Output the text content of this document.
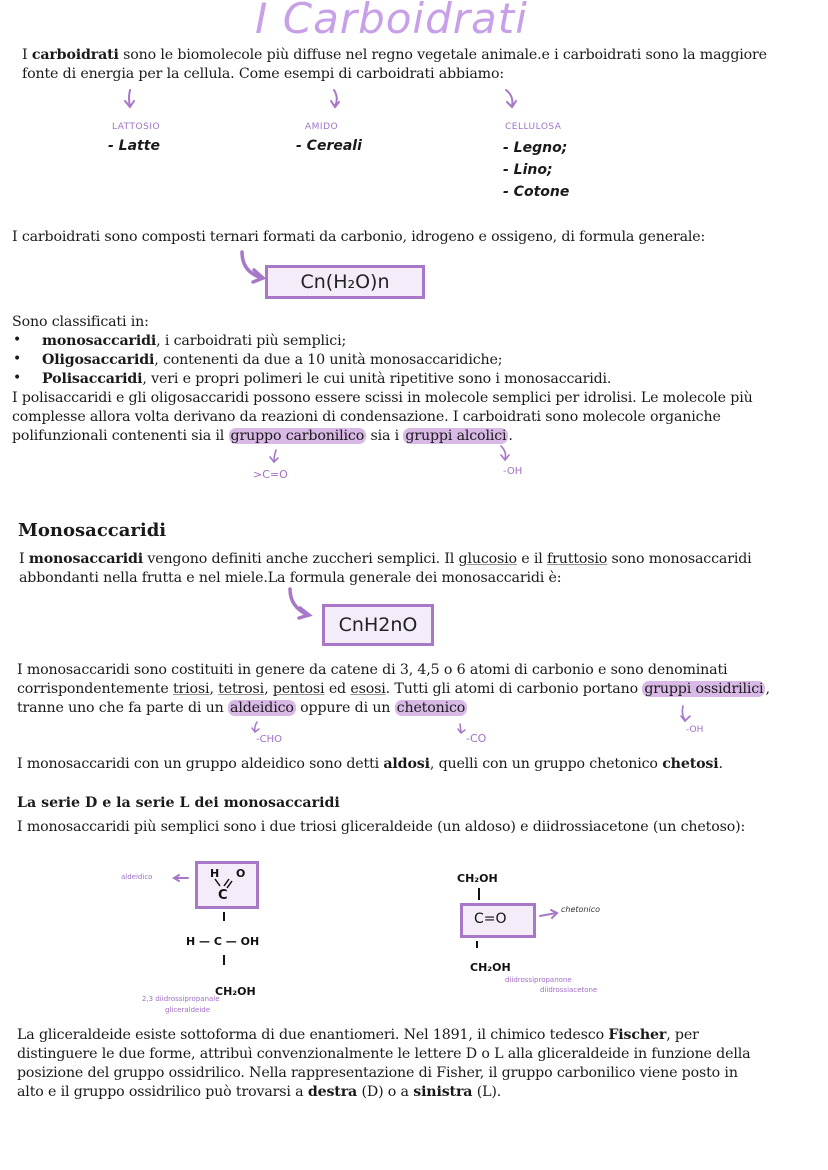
I Carboidrati
I carboidrati sono le biomolecole più diffuse nel regno vegetale animale.e i carboidrati sono la maggiore
fonte di energia per la cellula. Come esempi di carboidrati abbiamo:
LATTOSIO
- Latte
AMIDO
- Cereali
CELLULOSA
- Legno;
- Lino;
- Cotone
I carboidrati sono composti ternari formati da carbonio, idrogeno e ossigeno, di formula generale:
Cn(H₂O)n
Sono classificati in:
• monosaccaridi, i carboidrati più semplici;
• Oligosaccaridi, contenenti da due a 10 unità monosaccaridiche;
• Polisaccaridi, veri e propri polimeri le cui unità ripetitive sono i monosaccaridi.
I polisaccaridi e gli oligosaccaridi possono essere scissi in molecole semplici per idrolisi. Le molecole più
complesse allora volta derivano da reazioni di condensazione. I carboidrati sono molecole organiche
polifunzionali contenenti sia il gruppo carbonilico sia i gruppi alcolici .
>C=O	-OH
Monosaccaridi
I monosaccaridi vengono definiti anche zuccheri semplici. Il glucosio e il fruttosio sono monosaccaridi
abbondanti nella frutta e nel miele.La formula generale dei monosaccaridi è:
CnH2nO
I monosaccaridi sono costituiti in genere da catene di 3, 4,5 o 6 atomi di carbonio e sono denominati
corrispondentemente triosi, tetrosi, pentosi ed esosi. Tutti gli atomi di carbonio portano gruppi ossidrilici ,
tranne uno che fa parte di un aldeidico oppure di un chetonico
-CHO	-CO
-OH
I monosaccaridi con un gruppo aldeidico sono detti aldosi, quelli con un gruppo chetonico chetosi.
La serie D e la serie L dei monosaccaridi
I monosaccaridi più semplici sono i due triosi gliceraldeide (un aldoso) e diidrossiacetone (un chetoso):
aldeidico	H O
C
H — C — OH
CH₂OH
2,3 diidrossipropanale
gliceraldeide
CH₂OH
C=O
chetonico
CH₂OH
diidrossipropanone
diidrossiacetone
La gliceraldeide esiste sottoforma di due enantiomeri. Nel 1891, il chimico tedesco Fischer, per
distinguere le due forme, attribuì convenzionalmente le lettere D o L alla gliceraldeide in funzione della
posizione del gruppo ossidrilico. Nella rappresentazione di Fisher, il gruppo carbonilico viene posto in
alto e il gruppo ossidrilico può trovarsi a destra (D) o a sinistra (L).
